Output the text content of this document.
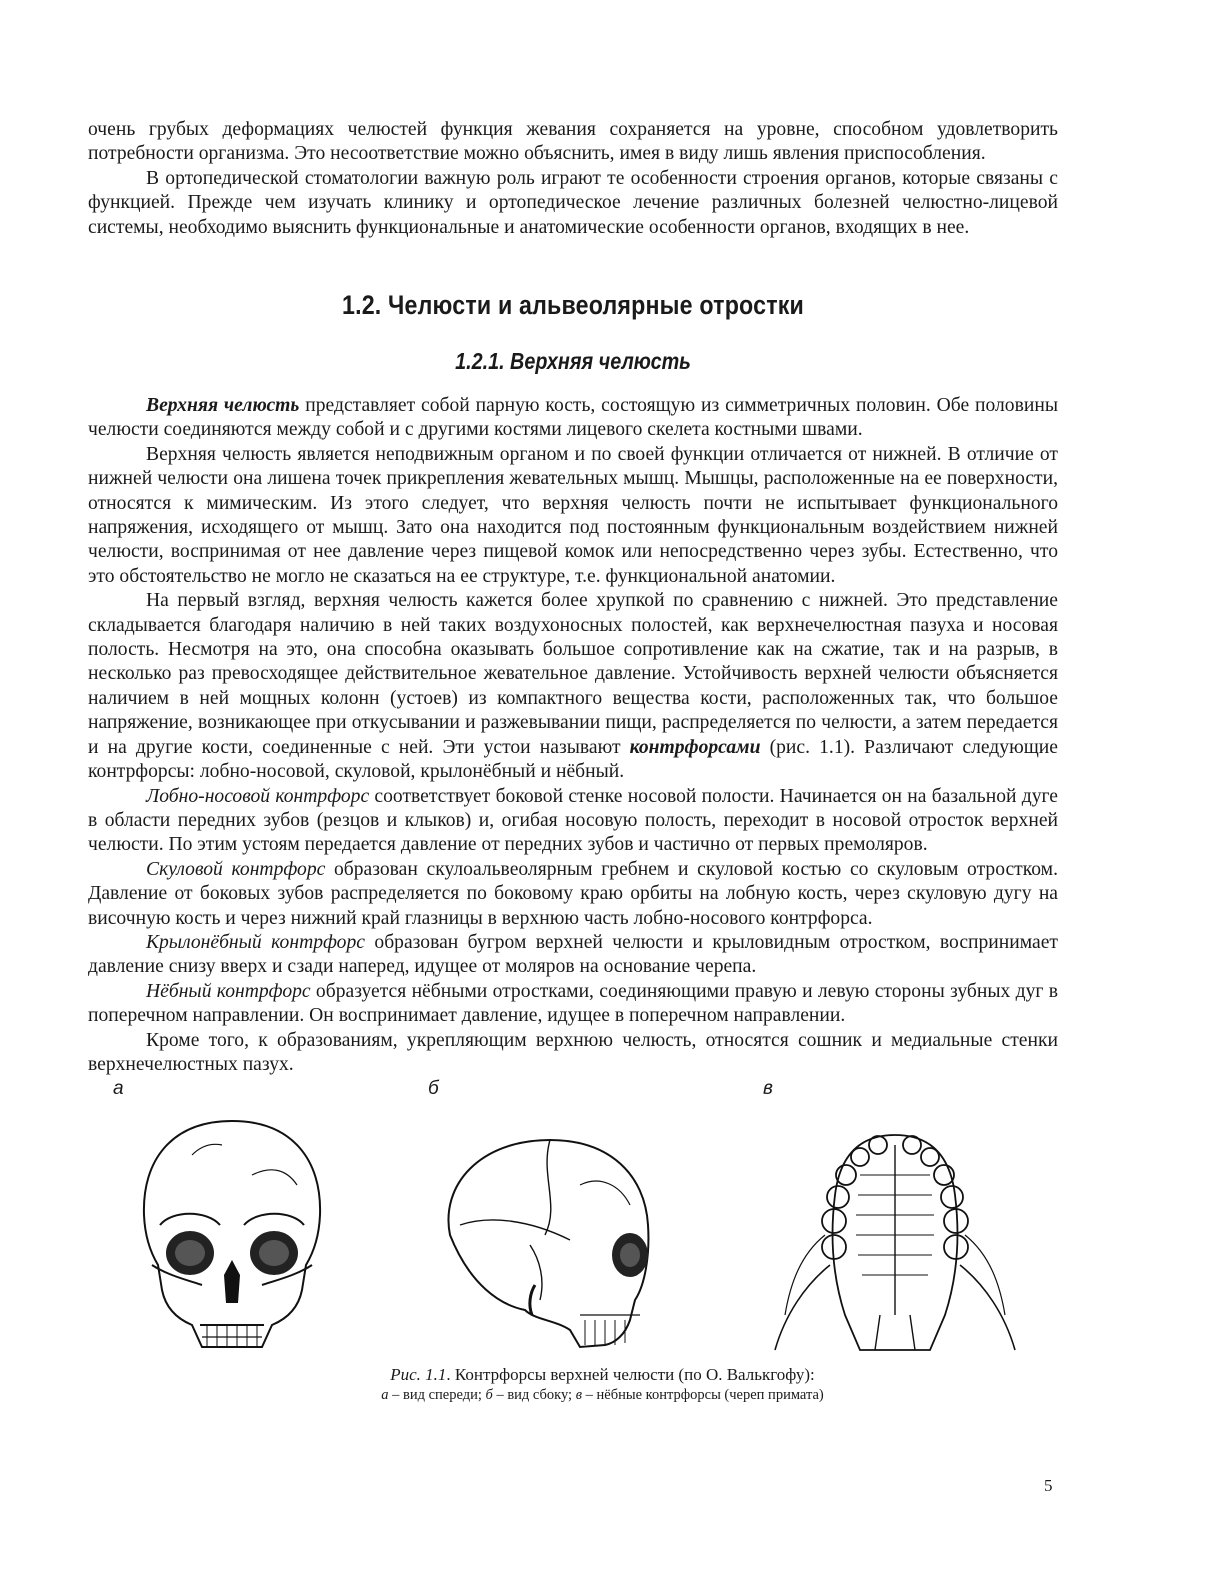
очень грубых деформациях челюстей функция жевания сохраняется на уровне, способном удовлетворить потребности организма. Это несоответствие можно объяснить, имея в виду лишь явления приспособления.

В ортопедической стоматологии важную роль играют те особенности строения органов, которые связаны с функцией. Прежде чем изучать клинику и ортопедическое лечение различных болезней челюстно-лицевой системы, необходимо выяснить функциональные и анатомические особенности органов, входящих в нее.

1.2. Челюсти и альвеолярные отростки
1.2.1. Верхняя челюсть

Верхняя челюсть представляет собой парную кость, состоящую из симметричных половин. Обе половины челюсти соединяются между собой и с другими костями лицевого скелета костными швами.

Верхняя челюсть является неподвижным органом и по своей функции отличается от нижней. В отличие от нижней челюсти она лишена точек прикрепления жевательных мышц. Мышцы, расположенные на ее поверхности, относятся к мимическим. Из этого следует, что верхняя челюсть почти не испытывает функционального напряжения, исходящего от мышц. Зато она находится под постоянным функциональным воздействием нижней челюсти, воспринимая от нее давление через пищевой комок или непосредственно через зубы. Естественно, что это обстоятельство не могло не сказаться на ее структуре, т.е. функциональной анатомии.

На первый взгляд, верхняя челюсть кажется более хрупкой по сравнению с нижней. Это представление складывается благодаря наличию в ней таких воздухоносных полостей, как верхнечелюстная пазуха и носовая полость. Несмотря на это, она способна оказывать большое сопротивление как на сжатие, так и на разрыв, в несколько раз превосходящее действительное жевательное давление. Устойчивость верхней челюсти объясняется наличием в ней мощных колонн (устоев) из компактного вещества кости, расположенных так, что большое напряжение, возникающее при откусывании и разжевывании пищи, распределяется по челюсти, а затем передается и на другие кости, соединенные с ней. Эти устои называют контрфорсами (рис. 1.1). Различают следующие контрфорсы: лобно-носовой, скуловой, крылонёбный и нёбный.

Лобно-носовой контрфорс соответствует боковой стенке носовой полости. Начинается он на базальной дуге в области передних зубов (резцов и клыков) и, огибая носовую полость, переходит в носовой отросток верхней челюсти. По этим устоям передается давление от передних зубов и частично от первых премоляров.

Скуловой контрфорс образован скулоальвеолярным гребнем и скуловой костью со скуловым отростком. Давление от боковых зубов распределяется по боковому краю орбиты на лобную кость, через скуловую дугу на височную кость и через нижний край глазницы в верхнюю часть лобно-носового контрфорса.

Крылонёбный контрфорс образован бугром верхней челюсти и крыловидным отростком, воспринимает давление снизу вверх и сзади наперед, идущее от моляров на основание черепа.

Нёбный контрфорс образуется нёбными отростками, соединяющими правую и левую стороны зубных дуг в поперечном направлении. Он воспринимает давление, идущее в поперечном направлении.

Кроме того, к образованиям, укрепляющим верхнюю челюсть, относятся сошник и медиальные стенки верхнечелюстных пазух.

а	б	в
Рис. 1.1. Контрфорсы верхней челюсти (по О. Валькгофу):
а – вид спереди; б – вид сбоку; в – нёбные контрфорсы (череп примата)
5
